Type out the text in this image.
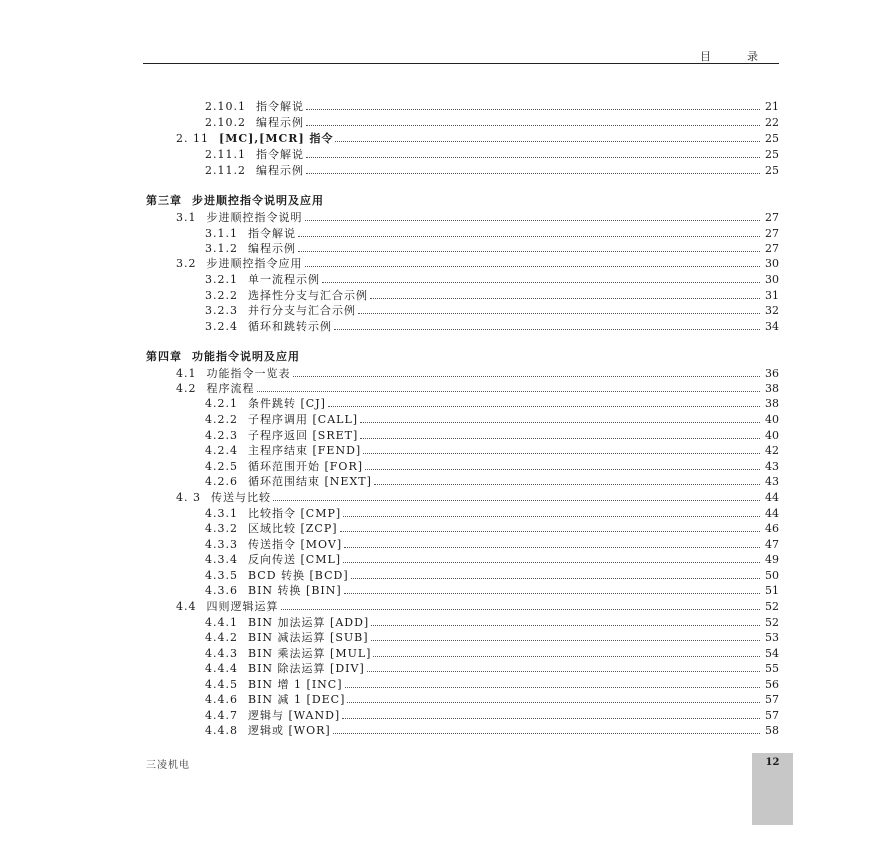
目	录
2.10.1 指令解说	21
2.10.2 编程示例	22
2. 11 [MC],[MCR] 指令	25
2.11.1 指令解说	25
2.11.2 编程示例	25
第三章 步进顺控指令说明及应用
3.1 步进顺控指令说明	27
3.1.1 指令解说	27
3.1.2 编程示例	27
3.2 步进顺控指令应用	30
3.2.1 单一流程示例	30
3.2.2 选择性分支与汇合示例	31
3.2.3 并行分支与汇合示例	32
3.2.4 循环和跳转示例	34
第四章 功能指令说明及应用
4.1 功能指令一览表	36
4.2 程序流程	38
4.2.1 条件跳转 [CJ]	38
4.2.2 子程序调用 [CALL]	40
4.2.3 子程序返回 [SRET]	40
4.2.4 主程序结束 [FEND]	42
4.2.5 循环范围开始 [FOR]	43
4.2.6 循环范围结束 [NEXT]	43
4. 3 传送与比较	44
4.3.1 比较指令 [CMP]	44
4.3.2 区域比较 [ZCP]	46
4.3.3 传送指令 [MOV]	47
4.3.4 反向传送 [CML]	49
4.3.5 BCD 转换 [BCD]	50
4.3.6 BIN 转换 [BIN]	51
4.4 四则逻辑运算	52
4.4.1 BIN 加法运算 [ADD]	52
4.4.2 BIN 减法运算 [SUB]	53
4.4.3 BIN 乘法运算 [MUL]	54
4.4.4 BIN 除法运算 [DIV]	55
4.4.5 BIN 增 1 [INC]	56
4.4.6 BIN 减 1 [DEC]	57
4.4.7 逻辑与 [WAND]	57
4.4.8 逻辑或 [WOR]	58
三凌机电	12
